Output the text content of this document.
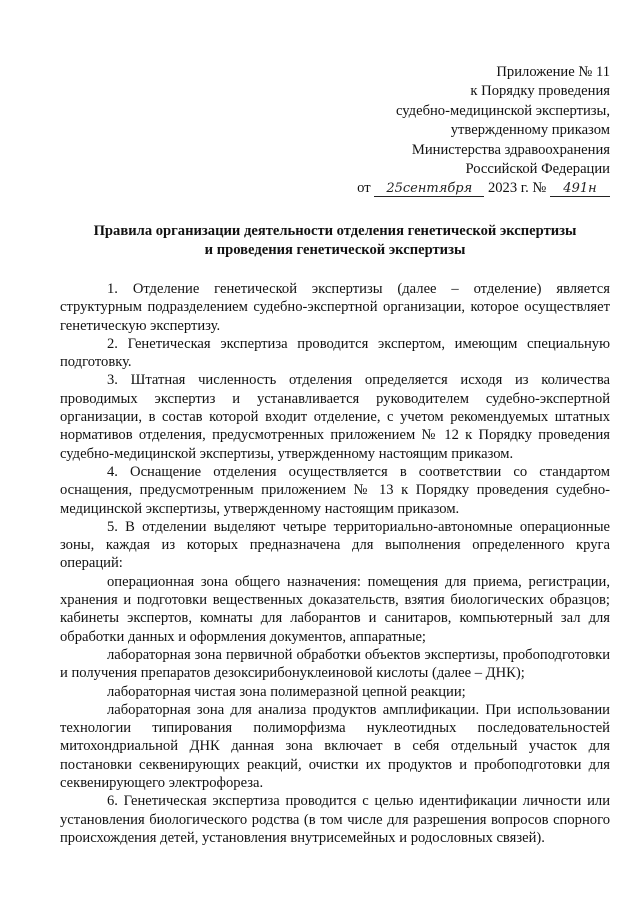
Приложение № 11
к Порядку проведения
судебно-медицинской экспертизы,
утвержденному приказом
Министерства здравоохранения
Российской Федерации
от 25сентября 2023 г. № 491н
Правила организации деятельности отделения генетической экспертизы
и проведения генетической экспертизы

1. Отделение генетической экспертизы (далее – отделение) является структурным подразделением судебно-экспертной организации, которое осуществляет генетическую экспертизу.

2. Генетическая экспертиза проводится экспертом, имеющим специальную подготовку.

3. Штатная численность отделения определяется исходя из количества проводимых экспертиз и устанавливается руководителем судебно-экспертной организации, в состав которой входит отделение, с учетом рекомендуемых штатных нормативов отделения, предусмотренных приложением № 12 к Порядку проведения судебно-медицинской экспертизы, утвержденному настоящим приказом.

4. Оснащение отделения осуществляется в соответствии со стандартом оснащения, предусмотренным приложением № 13 к Порядку проведения судебно-медицинской экспертизы, утвержденному настоящим приказом.

5. В отделении выделяют четыре территориально-автономные операционные зоны, каждая из которых предназначена для выполнения определенного круга операций:

операционная зона общего назначения: помещения для приема, регистрации, хранения и подготовки вещественных доказательств, взятия биологических образцов; кабинеты экспертов, комнаты для лаборантов и санитаров, компьютерный зал для обработки данных и оформления документов, аппаратные;

лабораторная зона первичной обработки объектов экспертизы, пробоподготовки и получения препаратов дезоксирибонуклеиновой кислоты (далее – ДНК);

лабораторная чистая зона полимеразной цепной реакции;

лабораторная зона для анализа продуктов амплификации. При использовании технологии типирования полиморфизма нуклеотидных последовательностей митохондриальной ДНК данная зона включает в себя отдельный участок для постановки секвенирующих реакций, очистки их продуктов и пробоподготовки для секвенирующего электрофореза.

6. Генетическая экспертиза проводится с целью идентификации личности или установления биологического родства (в том числе для разрешения вопросов спорного происхождения детей, установления внутрисемейных и родословных связей).
